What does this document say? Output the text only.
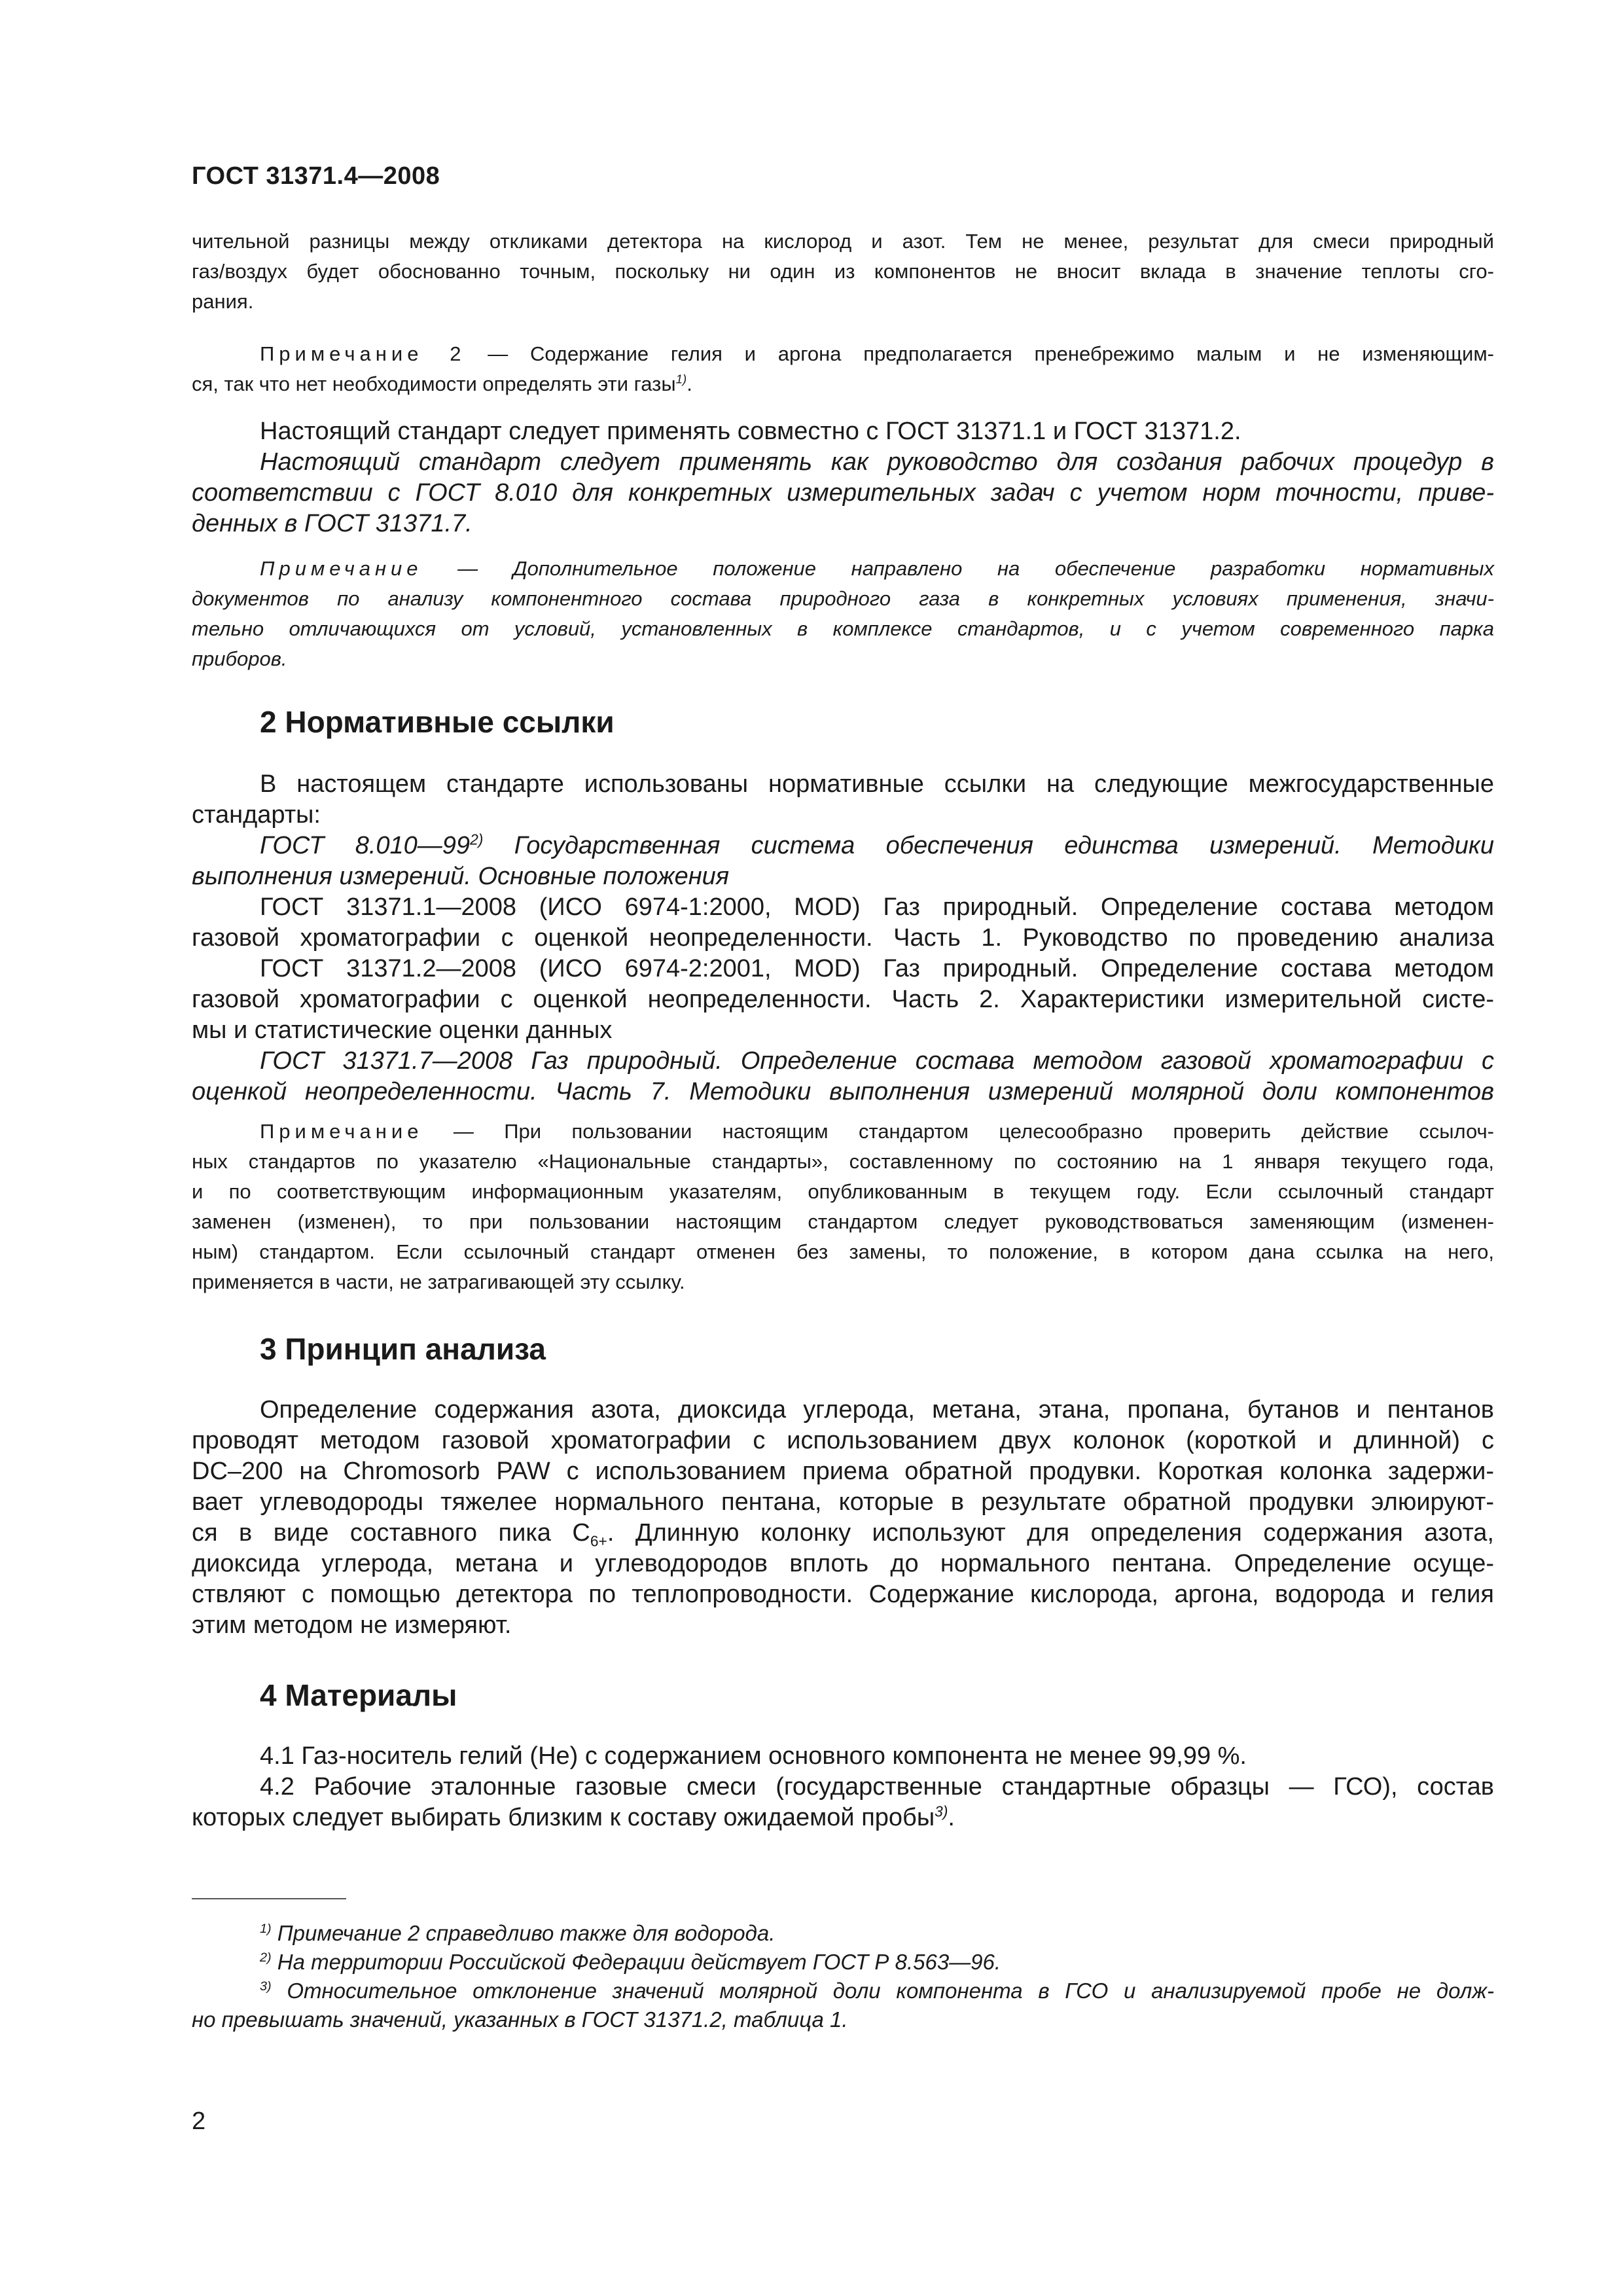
ГОСТ 31371.4—2008
чительной разницы между откликами детектора на кислород и азот. Тем не менее, результат для смеси природный
газ/воздух будет обоснованно точным, поскольку ни один из компонентов не вносит вклада в значение теплоты сго-
рания.
Примечание 2 — Содержание гелия и аргона предполагается пренебрежимо малым и не изменяющим-
ся, так что нет необходимости определять эти газы$^{1)}$.
Настоящий стандарт следует применять совместно с ГОСТ 31371.1 и ГОСТ 31371.2.
Настоящий стандарт следует применять как руководство для создания рабочих процедур в
соответствии с ГОСТ 8.010 для конкретных измерительных задач с учетом норм точности, приве-
денных в ГОСТ 31371.7.
Примечание — Дополнительное положение направлено на обеспечение разработки нормативных
документов по анализу компонентного состава природного газа в конкретных условиях применения, значи-
тельно отличающихся от условий, установленных в комплексе стандартов, и с учетом современного парка
приборов.
2 Нормативные ссылки
В настоящем стандарте использованы нормативные ссылки на следующие межгосударственные
стандарты:
ГОСТ 8.010—99$^{2)}$ Государственная система обеспечения единства измерений. Методики
выполнения измерений. Основные положения
ГОСТ 31371.1—2008 (ИСО 6974-1:2000, MOD) Газ природный. Определение состава методом
газовой хроматографии с оценкой неопределенности. Часть 1. Руководство по проведению анализа
ГОСТ 31371.2—2008 (ИСО 6974-2:2001, MOD) Газ природный. Определение состава методом
газовой хроматографии с оценкой неопределенности. Часть 2. Характеристики измерительной систе-
мы и статистические оценки данных
ГОСТ 31371.7—2008 Газ природный. Определение состава методом газовой хроматографии с
оценкой неопределенности. Часть 7. Методики выполнения измерений молярной доли компонентов
Примечание — При пользовании настоящим стандартом целесообразно проверить действие ссылоч-
ных стандартов по указателю «Национальные стандарты», составленному по состоянию на 1 января текущего года,
и по соответствующим информационным указателям, опубликованным в текущем году. Если ссылочный стандарт
заменен (изменен), то при пользовании настоящим стандартом следует руководствоваться заменяющим (изменен-
ным) стандартом. Если ссылочный стандарт отменен без замены, то положение, в котором дана ссылка на него,
применяется в части, не затрагивающей эту ссылку.
3 Принцип анализа
Определение содержания азота, диоксида углерода, метана, этана, пропана, бутанов и пентанов
проводят методом газовой хроматографии с использованием двух колонок (короткой и длинной) с
DC–200 на Chromosorb PAW с использованием приема обратной продувки. Короткая колонка задержи-
вает углеводороды тяжелее нормального пентана, которые в результате обратной продувки элюируют-
ся в виде составного пика $С_{6+}$. Длинную колонку используют для определения содержания азота,
диоксида углерода, метана и углеводородов вплоть до нормального пентана. Определение осуще-
ствляют с помощью детектора по теплопроводности. Содержание кислорода, аргона, водорода и гелия
этим методом не измеряют.
4 Материалы
4.1 Газ-носитель гелий (Не) с содержанием основного компонента не менее 99,99 %.
4.2 Рабочие эталонные газовые смеси (государственные стандартные образцы — ГСО), состав
которых следует выбирать близким к составу ожидаемой пробы$^{3)}$.
$^{1)}$ Примечание 2 справедливо также для водорода.
$^{2)}$ На территории Российской Федерации действует ГОСТ Р 8.563—96.
$^{3)}$ Относительное отклонение значений молярной доли компонента в ГСО и анализируемой пробе не долж-
но превышать значений, указанных в ГОСТ 31371.2, таблица 1.
2
